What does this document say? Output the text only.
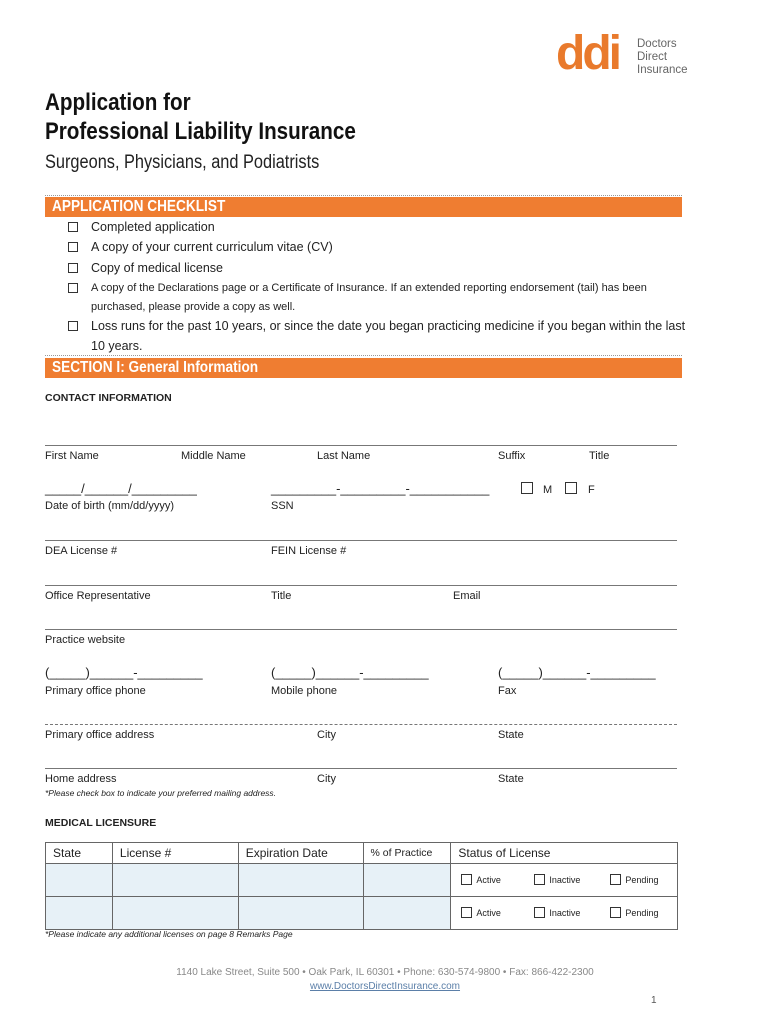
ddi Doctors
Direct
Insurance
Application for
Professional Liability Insurance
Surgeons, Physicians, and Podiatrists
APPLICATION CHECKLIST
Completed application
A copy of your current curriculum vitae (CV)
Copy of medical license
A copy of the Declarations page or a Certificate of Insurance. If an extended reporting endorsement (tail) has been
purchased, please provide a copy as well.
Loss runs for the past 10 years, or since the date you began practicing medicine if you began within the last
10 years.
SECTION I: General Information
CONTACT INFORMATION
First Name	Middle Name	Last Name	Suffix	Title
_____/______/_________
Date of birth (mm/dd/yyyy)
_________-_________-___________
SSN
M	F
DEA License #	FEIN License #
Office Representative	Title	Email
Practice website
(_____)______-_________
Primary office phone
(_____)______-_________
Mobile phone
(_____)______-_________
Fax
Primary office address	City	State
Home address	City	State
*Please check box to indicate your preferred mailing address.
MEDICAL LICENSURE
State	License #	Expiration Date	% of Practice	Status of License

				Active Inactive Pending

				Active Inactive Pending
*Please indicate any additional licenses on page 8 Remarks Page
1140 Lake Street, Suite 500 • Oak Park, IL 60301 • Phone: 630-574-9800 • Fax: 866-422-2300
www.DoctorsDirectInsurance.com
1
